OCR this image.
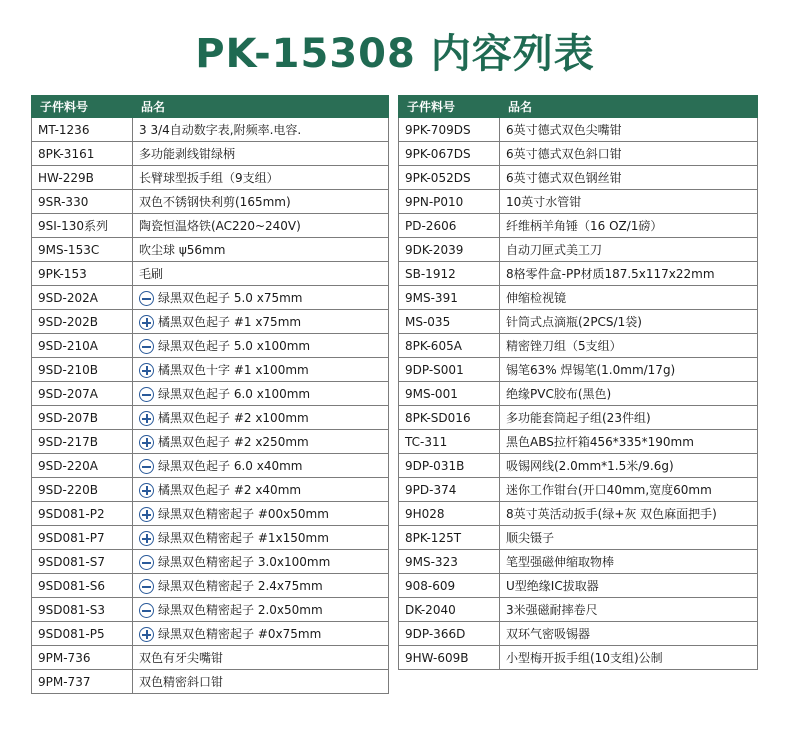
PK-15308 内容列表
子件料号	品名
MT-1236	3 3/4自动数字表,附频率.电容.
8PK-3161	多功能剥线钳绿柄
HW-229B	长臂球型扳手组（9支组）
9SR-330	双色不锈钢快利剪(165mm)
9SI-130系列	陶瓷恒温烙铁(AC220~240V)
9MS-153C	吹尘球 ψ56mm
9PK-153	毛刷
9SD-202A	绿黑双色起子 5.0 x75mm
9SD-202B	橘黑双色起子 #1 x75mm
9SD-210A	绿黑双色起子 5.0 x100mm
9SD-210B	橘黑双色十字 #1 x100mm
9SD-207A	绿黑双色起子 6.0 x100mm
9SD-207B	橘黑双色起子 #2 x100mm
9SD-217B	橘黑双色起子 #2 x250mm
9SD-220A	绿黑双色起子 6.0 x40mm
9SD-220B	橘黑双色起子 #2 x40mm
9SD081-P2	绿黑双色精密起子 #00x50mm
9SD081-P7	绿黑双色精密起子 #1x150mm
9SD081-S7	绿黑双色精密起子 3.0x100mm
9SD081-S6	绿黑双色精密起子 2.4x75mm
9SD081-S3	绿黑双色精密起子 2.0x50mm
9SD081-P5	绿黑双色精密起子 #0x75mm
9PM-736	双色有牙尖嘴钳
9PM-737	双色精密斜口钳
子件料号	品名
9PK-709DS	6英寸德式双色尖嘴钳
9PK-067DS	6英寸德式双色斜口钳
9PK-052DS	6英寸德式双色钢丝钳
9PN-P010	10英寸水管钳
PD-2606	纤维柄羊角锤（16 OZ/1磅）
9DK-2039	自动刀匣式美工刀
SB-1912	8格零件盒-PP材质187.5x117x22mm
9MS-391	伸缩检视镜
MS-035	针筒式点滴瓶(2PCS/1袋)
8PK-605A	精密锉刀组（5支组）
9DP-S001	锡笔63% 焊锡笔(1.0mm/17g)
9MS-001	绝缘PVC胶布(黑色)
8PK-SD016	多功能套筒起子组(23件组)
TC-311	黑色ABS拉杆箱456*335*190mm
9DP-031B	吸锡网线(2.0mm*1.5米/9.6g)
9PD-374	迷你工作钳台(开口40mm,宽度60mm
9H028	8英寸英活动扳手(绿+灰 双色麻面把手)
8PK-125T	顺尖镊子
9MS-323	笔型强磁伸缩取物棒
908-609	U型绝缘IC拔取器
DK-2040	3米强磁耐摔卷尺
9DP-366D	双环气密吸锡器
9HW-609B	小型梅开扳手组(10支组)公制
